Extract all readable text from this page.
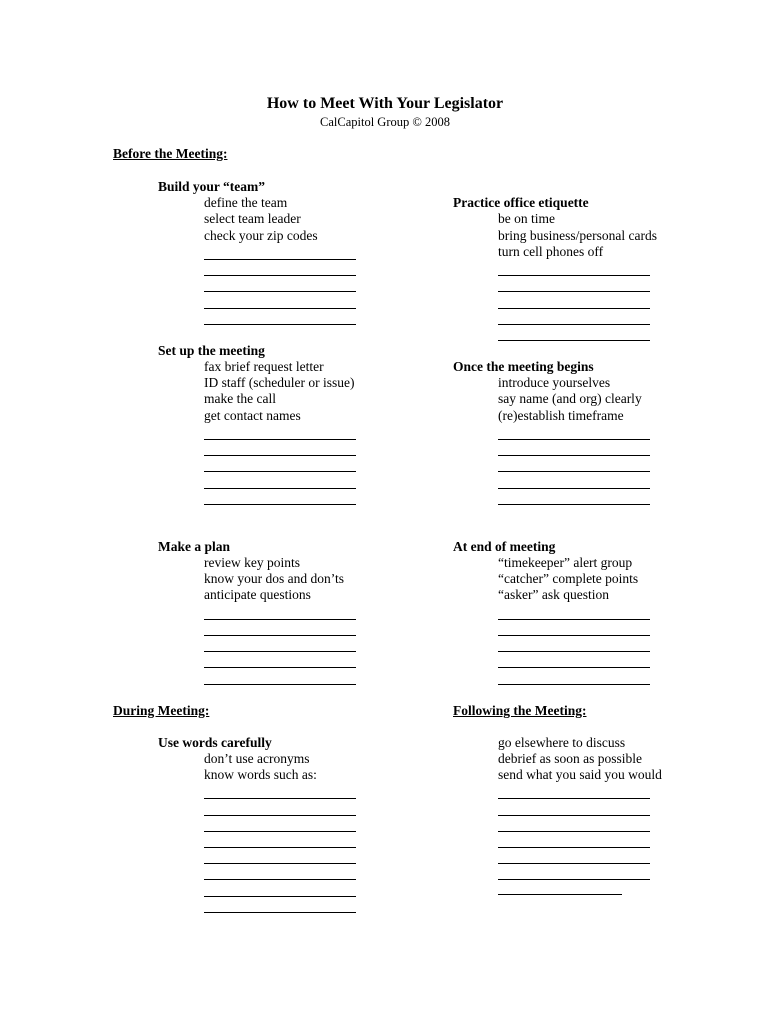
How to Meet With Your Legislator
CalCapitol Group © 2008
Before the Meeting:
During Meeting:	Following the Meeting:
Build your “team”
define the team
select team leader
check your zip codes
Practice office etiquette
be on time
bring business/personal cards
turn cell phones off
Set up the meeting
fax brief request letter
ID staff (scheduler or issue)
make the call
get contact names
Once the meeting begins
introduce yourselves
say name (and org) clearly
(re)establish timeframe
Make a plan
review key points
know your dos and don’ts
anticipate questions
At end of meeting
“timekeeper” alert group
“catcher” complete points
“asker” ask question
Use words carefully
don’t use acronyms
know words such as:
go elsewhere to discuss
debrief as soon as possible
send what you said you would
